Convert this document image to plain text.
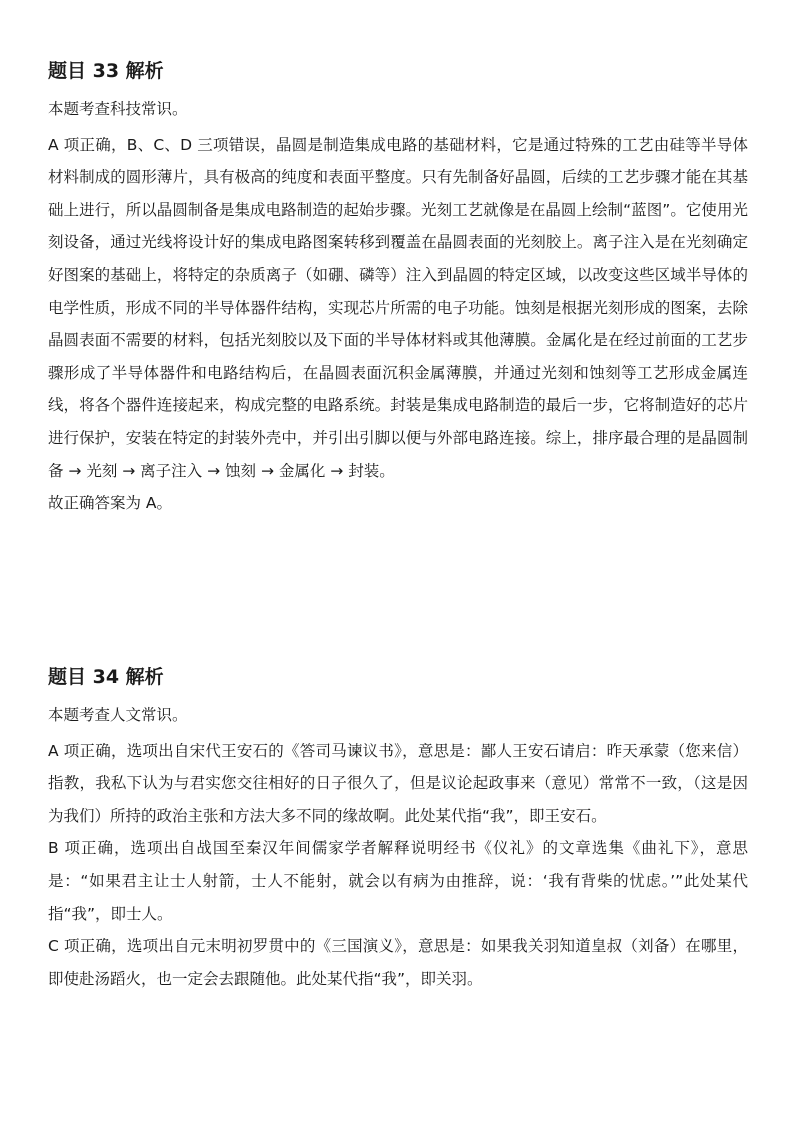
题目 33 解析

本题考查科技常识。

A 项正确，B、C、D 三项错误，晶圆是制造集成电路的基础材料，它是通过特殊的工艺由硅等半导体材料制成的圆形薄片，具有极高的纯度和表面平整度。只有先制备好晶圆，后续的工艺步骤才能在其基础上进行，所以晶圆制备是集成电路制造的起始步骤。光刻工艺就像是在晶圆上绘制“蓝图”。它使用光刻设备，通过光线将设计好的集成电路图案转移到覆盖在晶圆表面的光刻胶上。离子注入是在光刻确定好图案的基础上，将特定的杂质离子（如硼、磷等）注入到晶圆的特定区域，以改变这些区域半导体的电学性质，形成不同的半导体器件结构，实现芯片所需的电子功能。蚀刻是根据光刻形成的图案，去除晶圆表面不需要的材料，包括光刻胶以及下面的半导体材料或其他薄膜。金属化是在经过前面的工艺步骤形成了半导体器件和电路结构后，在晶圆表面沉积金属薄膜，并通过光刻和蚀刻等工艺形成金属连线，将各个器件连接起来，构成完整的电路系统。封装是集成电路制造的最后一步，它将制造好的芯片进行保护，安装在特定的封装外壳中，并引出引脚以便与外部电路连接。综上，排序最合理的是晶圆制备 → 光刻 → 离子注入 → 蚀刻 → 金属化 → 封装。

故正确答案为 A。

题目 34 解析

本题考查人文常识。

A 项正确，选项出自宋代王安石的《答司马谏议书》，意思是：鄙人王安石请启：昨天承蒙（您来信）指教，我私下认为与君实您交往相好的日子很久了，但是议论起政事来（意见）常常不一致，（这是因为我们）所持的政治主张和方法大多不同的缘故啊。此处某代指“我”，即王安石。

B 项正确，选项出自战国至秦汉年间儒家学者解释说明经书《仪礼》的文章选集《曲礼下》，意思是：“如果君主让士人射箭，士人不能射，就会以有病为由推辞，说：‘我有背柴的忧虑。’”此处某代指“我”，即士人。

C 项正确，选项出自元末明初罗贯中的《三国演义》，意思是：如果我关羽知道皇叔（刘备）在哪里，即使赴汤蹈火，也一定会去跟随他。此处某代指“我”，即关羽。
